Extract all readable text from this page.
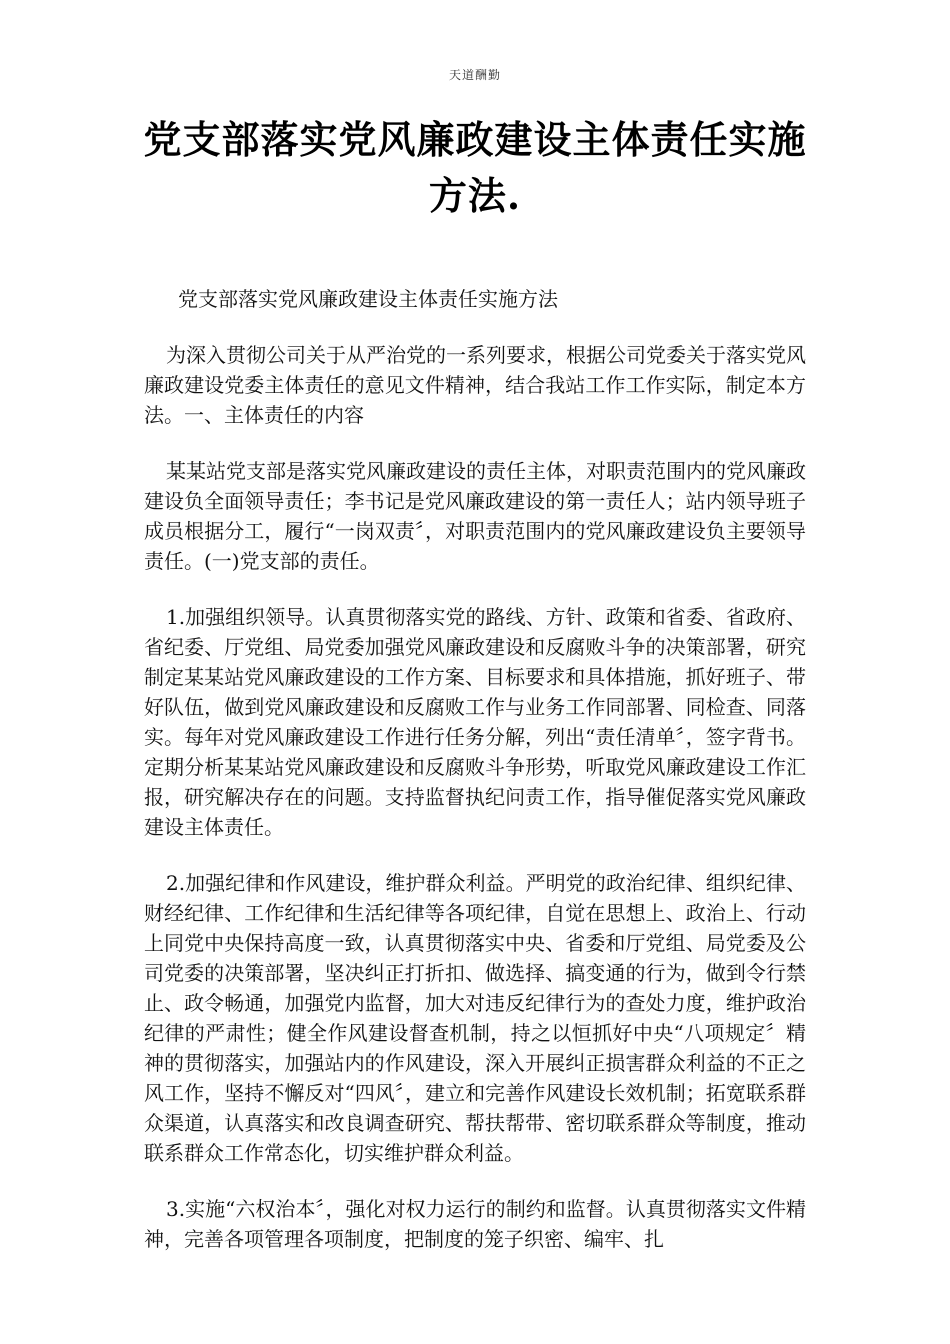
天道酬勤
党支部落实党风廉政建设主体责任实施方法.

党支部落实党风廉政建设主体责任实施方法

为深入贯彻公司关于从严治党的一系列要求，根据公司党委关于落实党风廉政建设党委主体责任的意见文件精神，结合我站工作工作实际，制定本方法。一、主体责任的内容

某某站党支部是落实党风廉政建设的责任主体，对职责范围内的党风廉政建设负全面领导责任；李书记是党风廉政建设的第一责任人；站内领导班子成员根据分工，履行“一岗双责〞，对职责范围内的党风廉政建设负主要领导责任。(一)党支部的责任。

1.加强组织领导。认真贯彻落实党的路线、方针、政策和省委、省政府、省纪委、厅党组、局党委加强党风廉政建设和反腐败斗争的决策部署，研究制定某某站党风廉政建设的工作方案、目标要求和具体措施，抓好班子、带好队伍，做到党风廉政建设和反腐败工作与业务工作同部署、同检查、同落实。每年对党风廉政建设工作进行任务分解，列出“责任清单〞，签字背书。定期分析某某站党风廉政建设和反腐败斗争形势，听取党风廉政建设工作汇报，研究解决存在的问题。支持监督执纪问责工作，指导催促落实党风廉政建设主体责任。

2.加强纪律和作风建设，维护群众利益。严明党的政治纪律、组织纪律、财经纪律、工作纪律和生活纪律等各项纪律，自觉在思想上、政治上、行动上同党中央保持高度一致，认真贯彻落实中央、省委和厅党组、局党委及公司党委的决策部署，坚决纠正打折扣、做选择、搞变通的行为，做到令行禁止、政令畅通，加强党内监督，加大对违反纪律行为的查处力度，维护政治纪律的严肃性；健全作风建设督查机制，持之以恒抓好中央“八项规定〞精神的贯彻落实，加强站内的作风建设，深入开展纠正损害群众利益的不正之风工作，坚持不懈反对“四风〞，建立和完善作风建设长效机制；拓宽联系群众渠道，认真落实和改良调查研究、帮扶帮带、密切联系群众等制度，推动联系群众工作常态化，切实维护群众利益。

3.实施“六权治本〞，强化对权力运行的制约和监督。认真贯彻落实文件精神，完善各项管理各项制度，把制度的笼子织密、编牢、扎
